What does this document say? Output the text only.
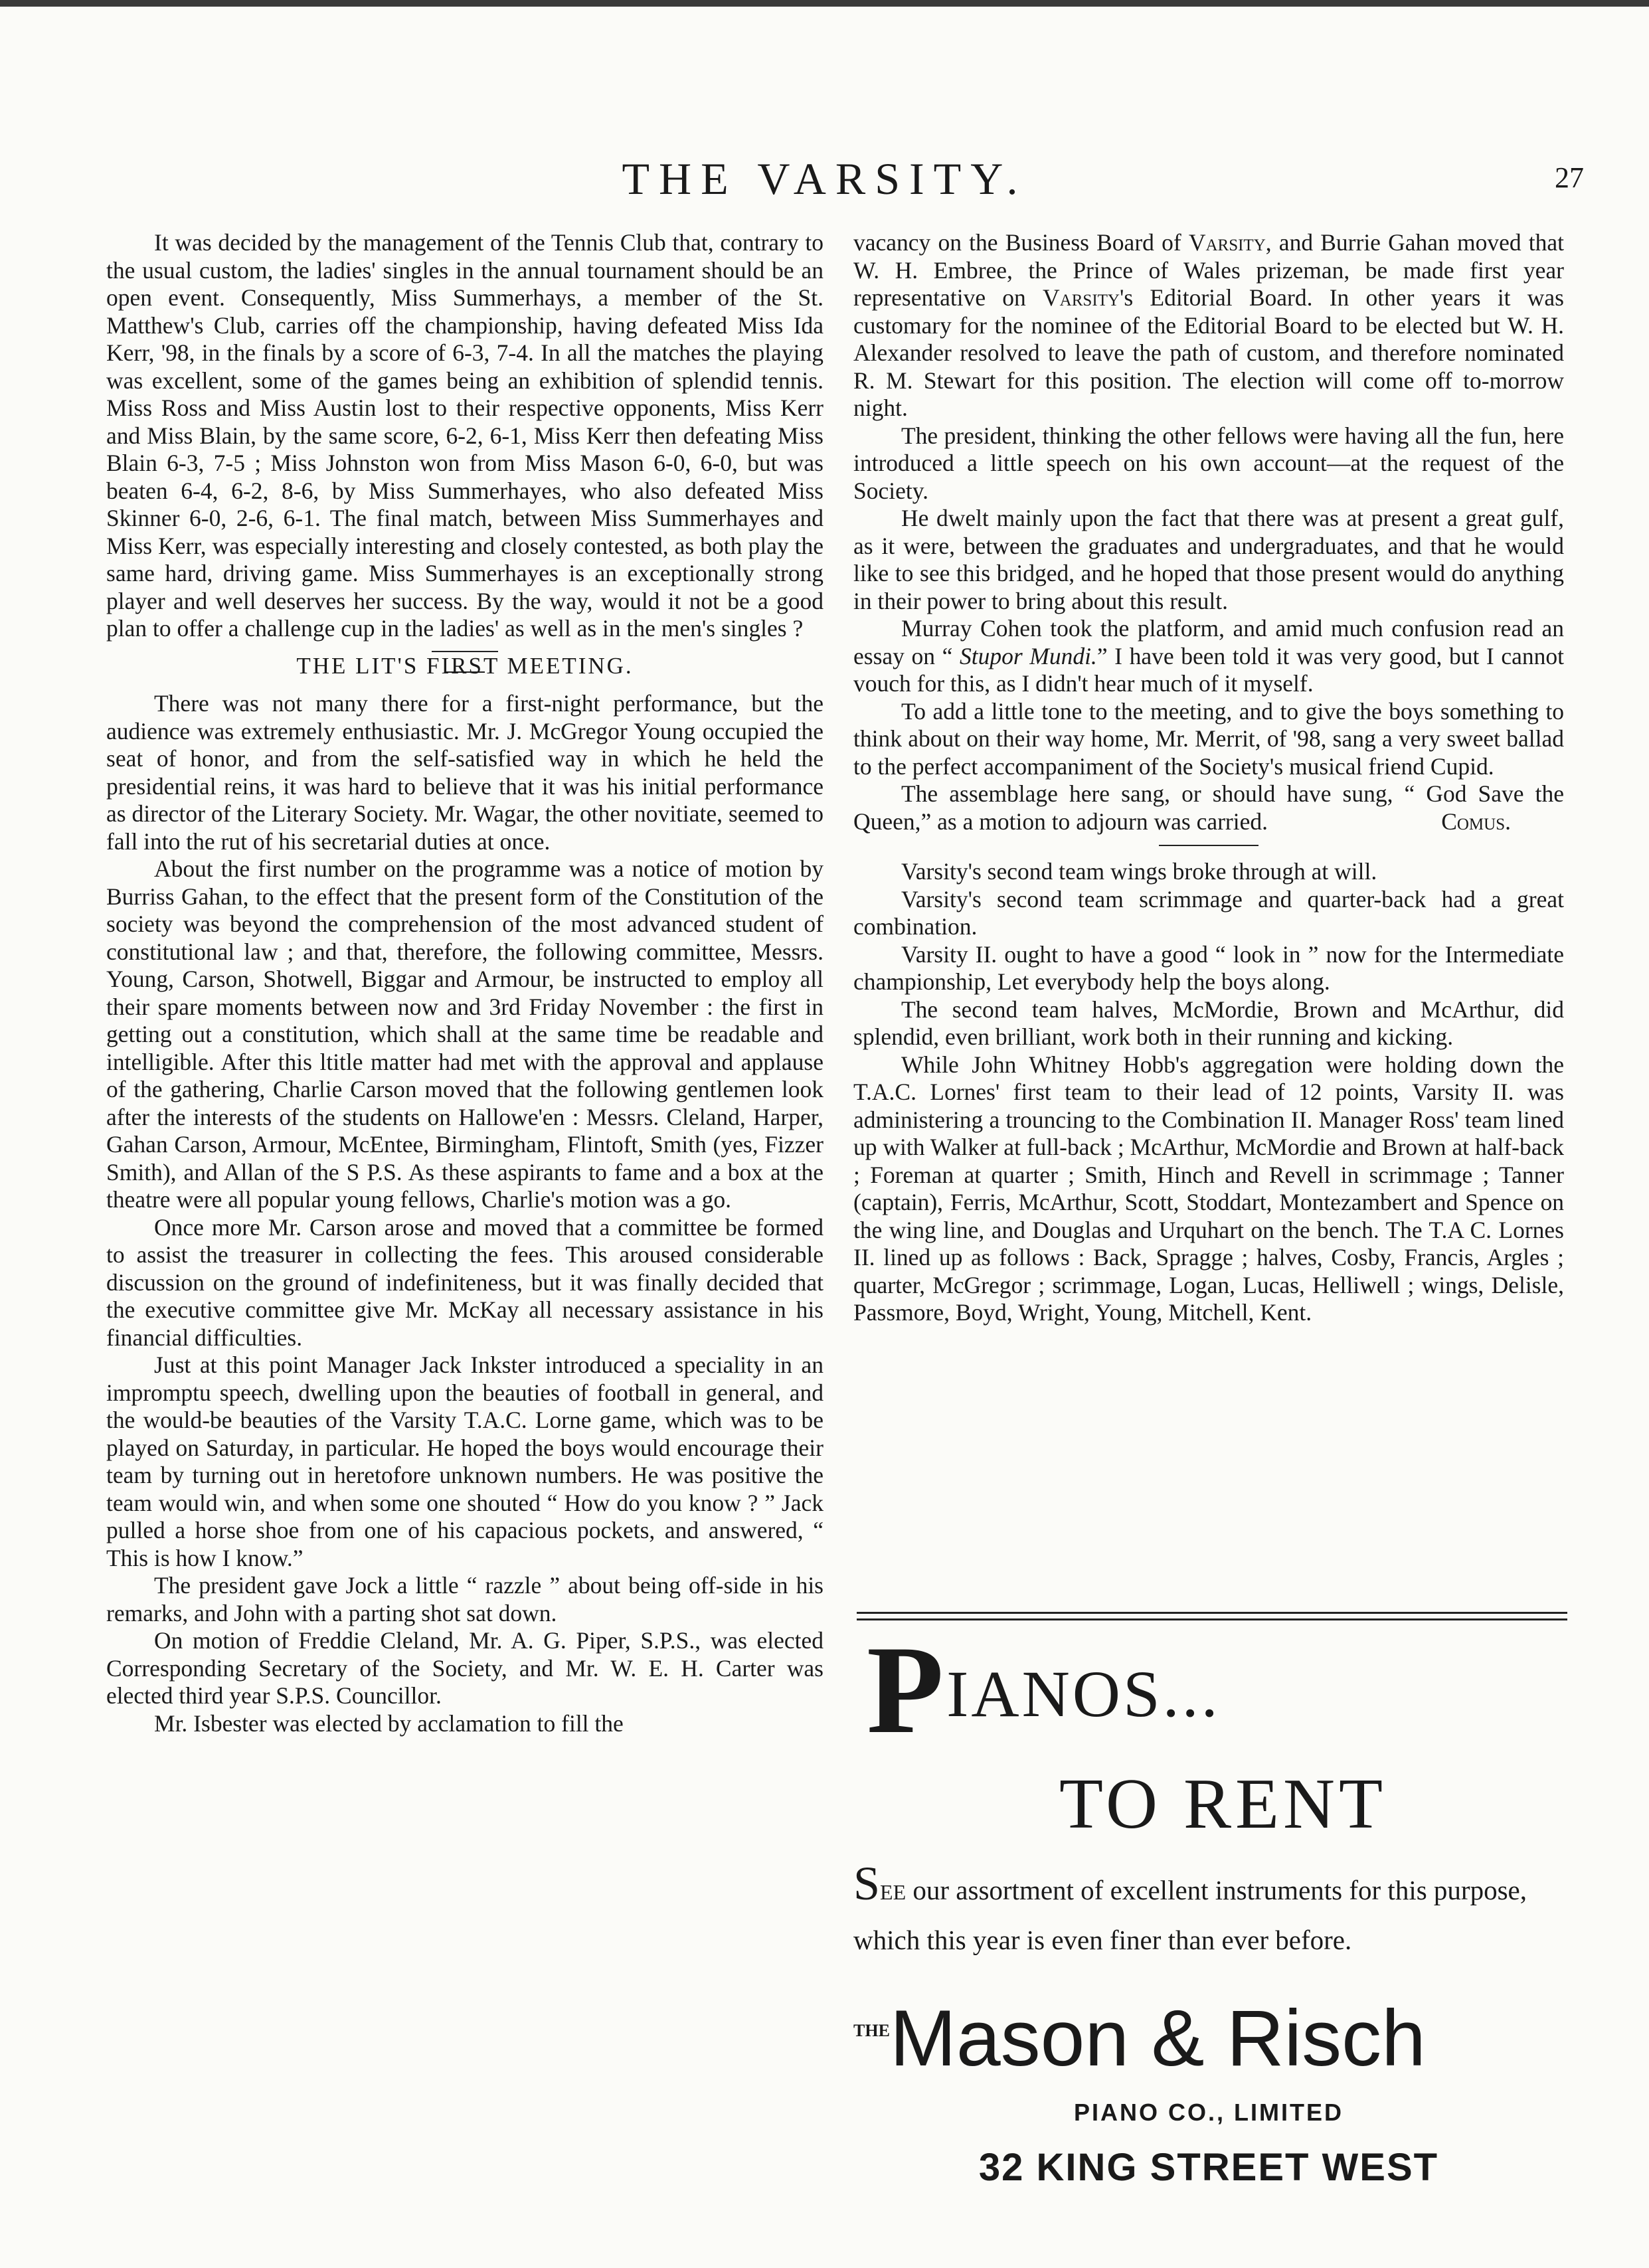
THE VARSITY.	27

It was decided by the management of the Tennis Club that, contrary to the usual custom, the ladies' singles in the annual tournament should be an open event. Consequently, Miss Summerhays, a member of the St. Matthew's Club, carries off the championship, having defeated Miss Ida Kerr, '98, in the finals by a score of 6-3, 7-4. In all the matches the playing was excellent, some of the games being an exhibition of splendid tennis. Miss Ross and Miss Austin lost to their respective opponents, Miss Kerr and Miss Blain, by the same score, 6-2, 6-1, Miss Kerr then defeating Miss Blain 6-3, 7-5 ; Miss Johnston won from Miss Mason 6-0, 6-0, but was beaten 6-4, 6-2, 8-6, by Miss Summerhayes, who also defeated Miss Skinner 6-0, 2-6, 6-1. The final match, between Miss Summerhayes and Miss Kerr, was especially interesting and closely contested, as both play the same hard, driving game. Miss Summerhayes is an exceptionally strong player and well deserves her success. By the way, would it not be a good plan to offer a challenge cup in the ladies' as well as in the men's singles ?

THE LIT'S FIRST MEETING.

There was not many there for a first-night performance, but the audience was extremely enthusiastic. Mr. J. McGregor Young occupied the seat of honor, and from the self-satisfied way in which he held the presidential reins, it was hard to believe that it was his initial performance as director of the Literary Society. Mr. Wagar, the other novitiate, seemed to fall into the rut of his secretarial duties at once.

About the first number on the programme was a notice of motion by Burriss Gahan, to the effect that the present form of the Constitution of the society was beyond the comprehension of the most advanced student of constitutional law ; and that, therefore, the following committee, Messrs. Young, Carson, Shotwell, Biggar and Armour, be instructed to employ all their spare moments between now and 3rd Friday November : the first in getting out a constitution, which shall at the same time be readable and intelligible. After this ltitle matter had met with the approval and applause of the gathering, Charlie Carson moved that the following gentlemen look after the interests of the students on Hallowe'en : Messrs. Cleland, Harper, Gahan Carson, Armour, McEntee, Birmingham, Flintoft, Smith (yes, Fizzer Smith), and Allan of the S P.S. As these aspirants to fame and a box at the theatre were all popular young fellows, Charlie's motion was a go.

Once more Mr. Carson arose and moved that a committee be formed to assist the treasurer in collecting the fees. This aroused considerable discussion on the ground of indefiniteness, but it was finally decided that the executive committee give Mr. McKay all necessary assistance in his financial difficulties.

Just at this point Manager Jack Inkster introduced a speciality in an impromptu speech, dwelling upon the beauties of football in general, and the would-be beauties of the Varsity T.A.C. Lorne game, which was to be played on Saturday, in particular. He hoped the boys would encourage their team by turning out in heretofore unknown numbers. He was positive the team would win, and when some one shouted “ How do you know ? ” Jack pulled a horse shoe from one of his capacious pockets, and answered, “ This is how I know.”

The president gave Jock a little “ razzle ” about being off-side in his remarks, and John with a parting shot sat down.

On motion of Freddie Cleland, Mr. A. G. Piper, S.P.S., was elected Corresponding Secretary of the Society, and Mr. W. E. H. Carter was elected third year S.P.S. Councillor.

Mr. Isbester was elected by acclamation to fill the

vacancy on the Business Board of Varsity, and Burrie Gahan moved that W. H. Embree, the Prince of Wales prizeman, be made first year representative on Varsity's Editorial Board. In other years it was customary for the nominee of the Editorial Board to be elected but W. H. Alexander resolved to leave the path of custom, and therefore nominated R. M. Stewart for this position. The election will come off to-morrow night.

The president, thinking the other fellows were having all the fun, here introduced a little speech on his own account—at the request of the Society.

He dwelt mainly upon the fact that there was at present a great gulf, as it were, between the graduates and undergraduates, and that he would like to see this bridged, and he hoped that those present would do anything in their power to bring about this result.

Murray Cohen took the platform, and amid much confusion read an essay on “ Stupor Mundi.” I have been told it was very good, but I cannot vouch for this, as I didn't hear much of it myself.

To add a little tone to the meeting, and to give the boys something to think about on their way home, Mr. Merrit, of '98, sang a very sweet ballad to the perfect accompaniment of the Society's musical friend Cupid.

The assemblage here sang, or should have sung, “ God Save the Queen,” as a motion to adjourn was carried.	Comus.

Varsity's second team wings broke through at will.

Varsity's second team scrimmage and quarter-back had a great combination.

Varsity II. ought to have a good “ look in ” now for the Intermediate championship, Let everybody help the boys along.

The second team halves, McMordie, Brown and McArthur, did splendid, even brilliant, work both in their running and kicking.

While John Whitney Hobb's aggregation were holding down the T.A.C. Lornes' first team to their lead of 12 points, Varsity II. was administering a trouncing to the Combination II. Manager Ross' team lined up with Walker at full-back ; McArthur, McMordie and Brown at half-back ; Foreman at quarter ; Smith, Hinch and Revell in scrimmage ; Tanner (captain), Ferris, McArthur, Scott, Stoddart, Montezambert and Spence on the wing line, and Douglas and Urquhart on the bench. The T.A C. Lornes II. lined up as follows : Back, Spragge ; halves, Cosby, Francis, Argles ; quarter, McGregor ; scrimmage, Logan, Lucas, Helliwell ; wings, Delisle, Passmore, Boyd, Wright, Young, Mitchell, Kent.

PIANOS...
TO RENT
SEE our assortment of excellent instruments for this purpose, which this year is even finer than ever before.
THEMason & Risch
PIANO CO., LIMITED
32 KING STREET WEST
